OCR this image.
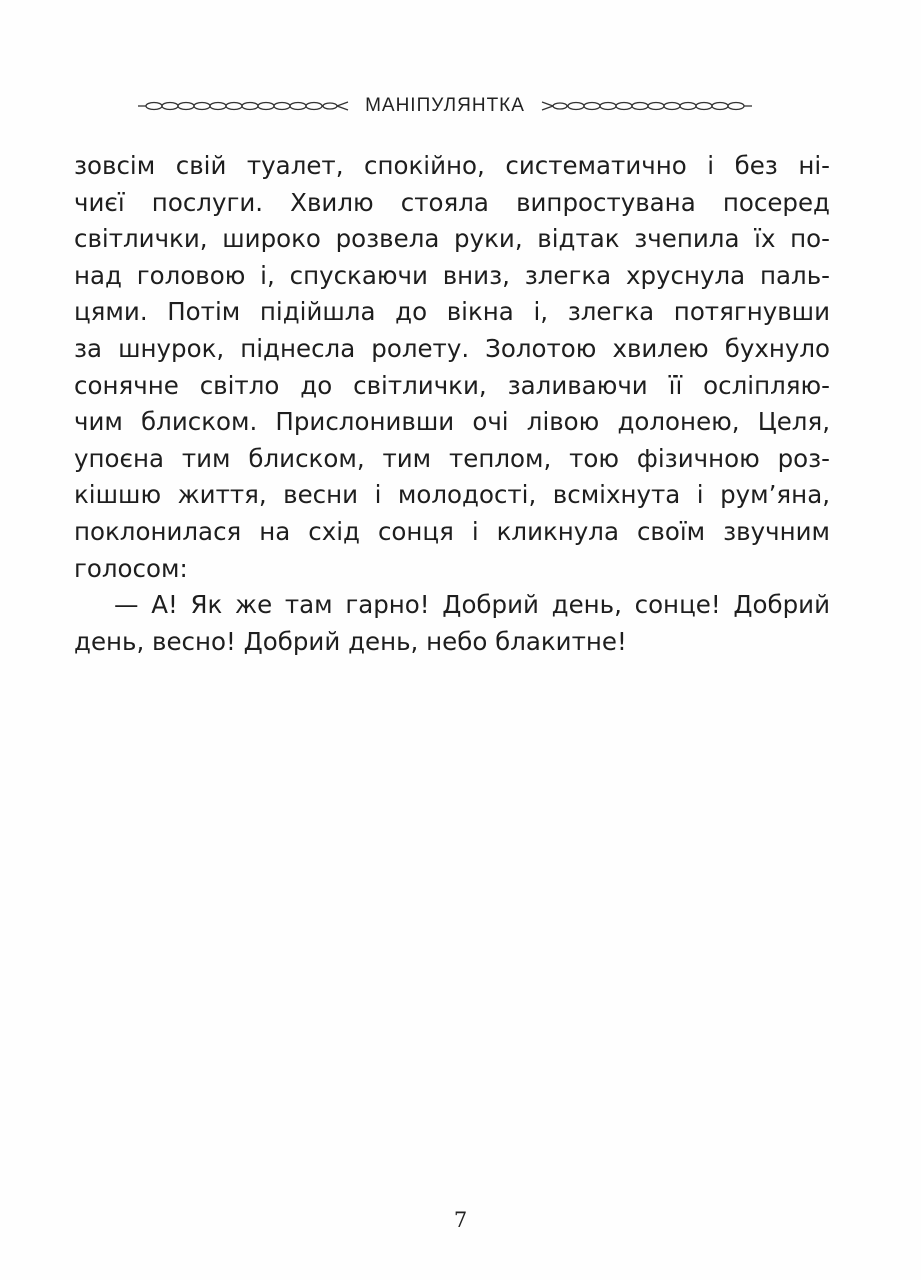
МАНІПУЛЯНТКА
зовсім свій туалет, спокійно, систематично і без ні-
чиєї послуги. Хвилю стояла випростувана посеред
світлички, широко розвела руки, відтак зчепила їх по-
над головою і, спускаючи вниз, злегка хруснула паль-
цями. Потім підійшла до вікна і, злегка потягнувши
за шнурок, піднесла ролету. Золотою хвилею бухнуло
сонячне світло до світлички, заливаючи її осліпляю-
чим блиском. Прислонивши очі лівою долонею, Целя,
упоєна тим блиском, тим теплом, тою фізичною роз-
кішшю життя, весни і молодості, всміхнута і рум’яна,
поклонилася на схід сонця і кликнула своїм звучним
голосом:
— А! Як же там гарно! Добрий день, сонце! Добрий
день, весно! Добрий день, небо блакитне!
7
